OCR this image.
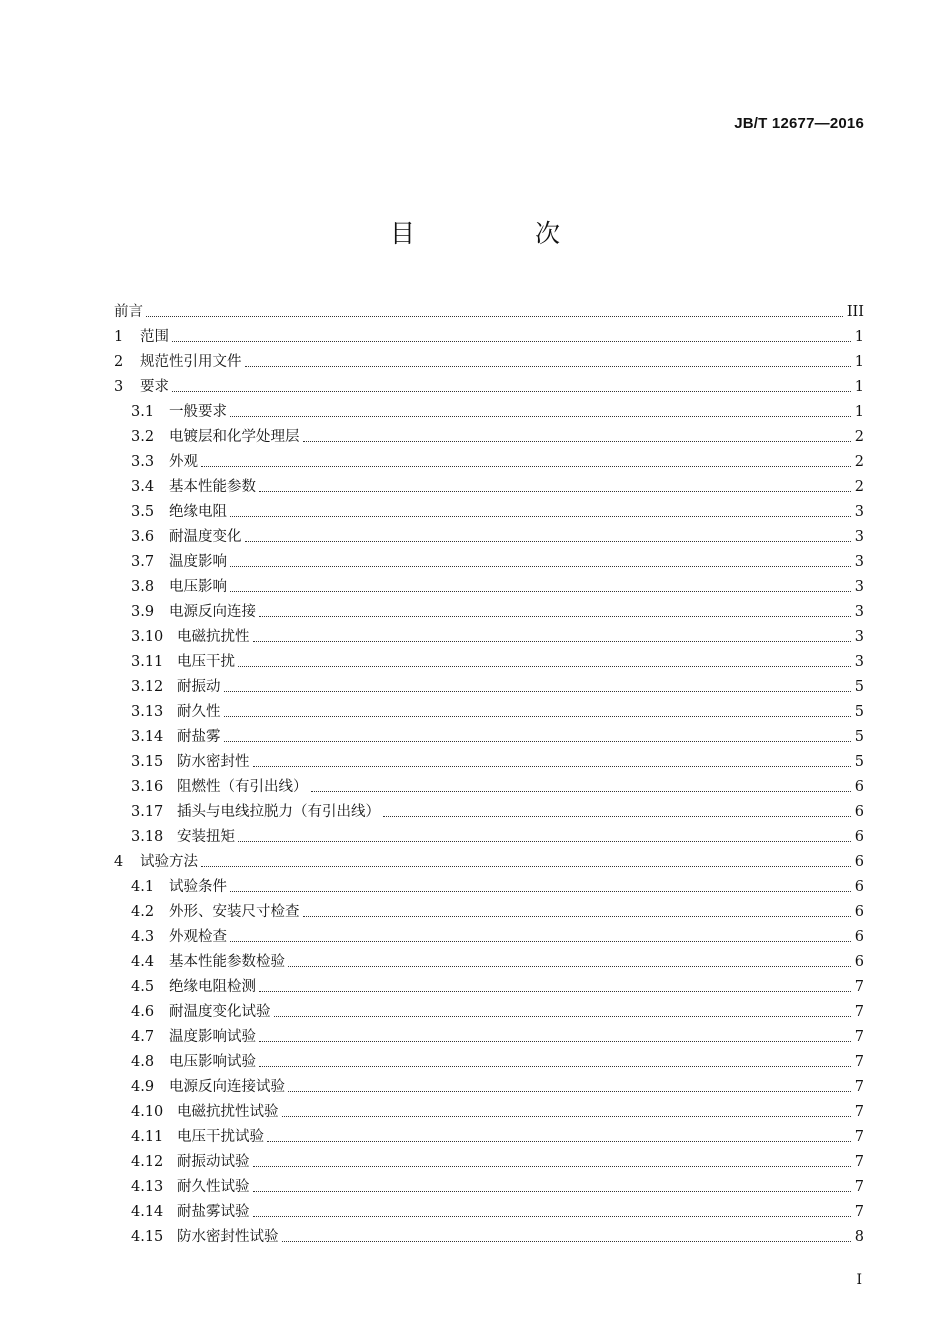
JB/T 12677—2016
目 次
前言	III
1	范围	1
2	规范性引用文件	1
3	要求	1
3.1	一般要求	1
3.2	电镀层和化学处理层	2
3.3	外观	2
3.4	基本性能参数	2
3.5	绝缘电阻	3
3.6	耐温度变化	3
3.7	温度影响	3
3.8	电压影响	3
3.9	电源反向连接	3
3.10 电磁抗扰性	3
3.11 电压干扰	3
3.12 耐振动	5
3.13 耐久性	5
3.14 耐盐雾	5
3.15 防水密封性	5
3.16 阻燃性（有引出线）	6
3.17 插头与电线拉脱力（有引出线）	6
3.18 安装扭矩	6
4	试验方法	6
4.1	试验条件	6
4.2	外形、安装尺寸检查	6
4.3	外观检查	6
4.4	基本性能参数检验	6
4.5	绝缘电阻检测	7
4.6	耐温度变化试验	7
4.7	温度影响试验	7
4.8	电压影响试验	7
4.9	电源反向连接试验	7
4.10 电磁抗扰性试验	7
4.11 电压干扰试验	7
4.12 耐振动试验	7
4.13 耐久性试验	7
4.14 耐盐雾试验	7
4.15 防水密封性试验	8
I
